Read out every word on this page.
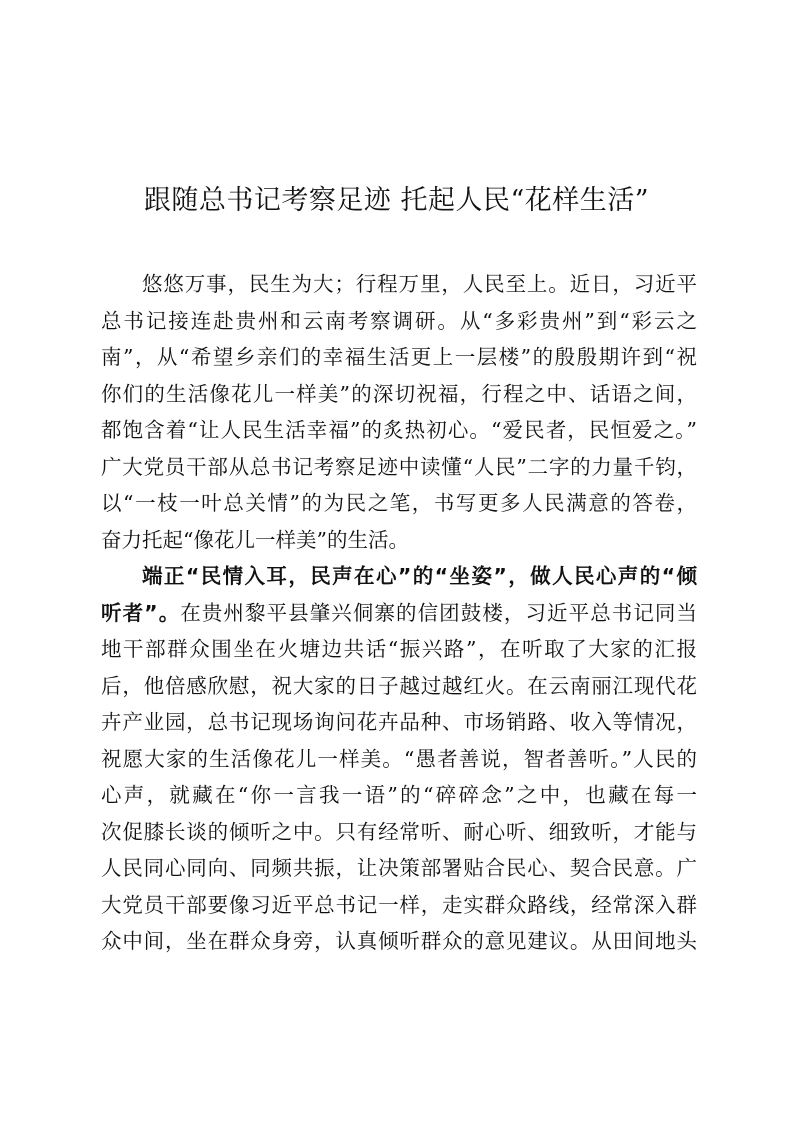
跟随总书记考察足迹 托起人民“花样生活”
悠悠万事，民生为大；行程万里，人民至上。近日，习近平
总书记接连赴贵州和云南考察调研。从“多彩贵州”到“彩云之
南”，从“希望乡亲们的幸福生活更上一层楼”的殷殷期许到“祝
你们的生活像花儿一样美”的深切祝福，行程之中、话语之间，
都饱含着“让人民生活幸福”的炙热初心。“爱民者，民恒爱之。”
广大党员干部从总书记考察足迹中读懂“人民”二字的力量千钧，
以“一枝一叶总关情”的为民之笔，书写更多人民满意的答卷，
奋力托起“像花儿一样美”的生活。
端正“民情入耳，民声在心”的“坐姿”，做人民心声的“倾
听者”。在贵州黎平县肇兴侗寨的信团鼓楼，习近平总书记同当
地干部群众围坐在火塘边共话“振兴路”，在听取了大家的汇报
后，他倍感欣慰，祝大家的日子越过越红火。在云南丽江现代花
卉产业园，总书记现场询问花卉品种、市场销路、收入等情况，
祝愿大家的生活像花儿一样美。“愚者善说，智者善听。”人民的
心声，就藏在“你一言我一语”的“碎碎念”之中，也藏在每一
次促膝长谈的倾听之中。只有经常听、耐心听、细致听，才能与
人民同心同向、同频共振，让决策部署贴合民心、契合民意。广
大党员干部要像习近平总书记一样，走实群众路线，经常深入群
众中间，坐在群众身旁，认真倾听群众的意见建议。从田间地头
